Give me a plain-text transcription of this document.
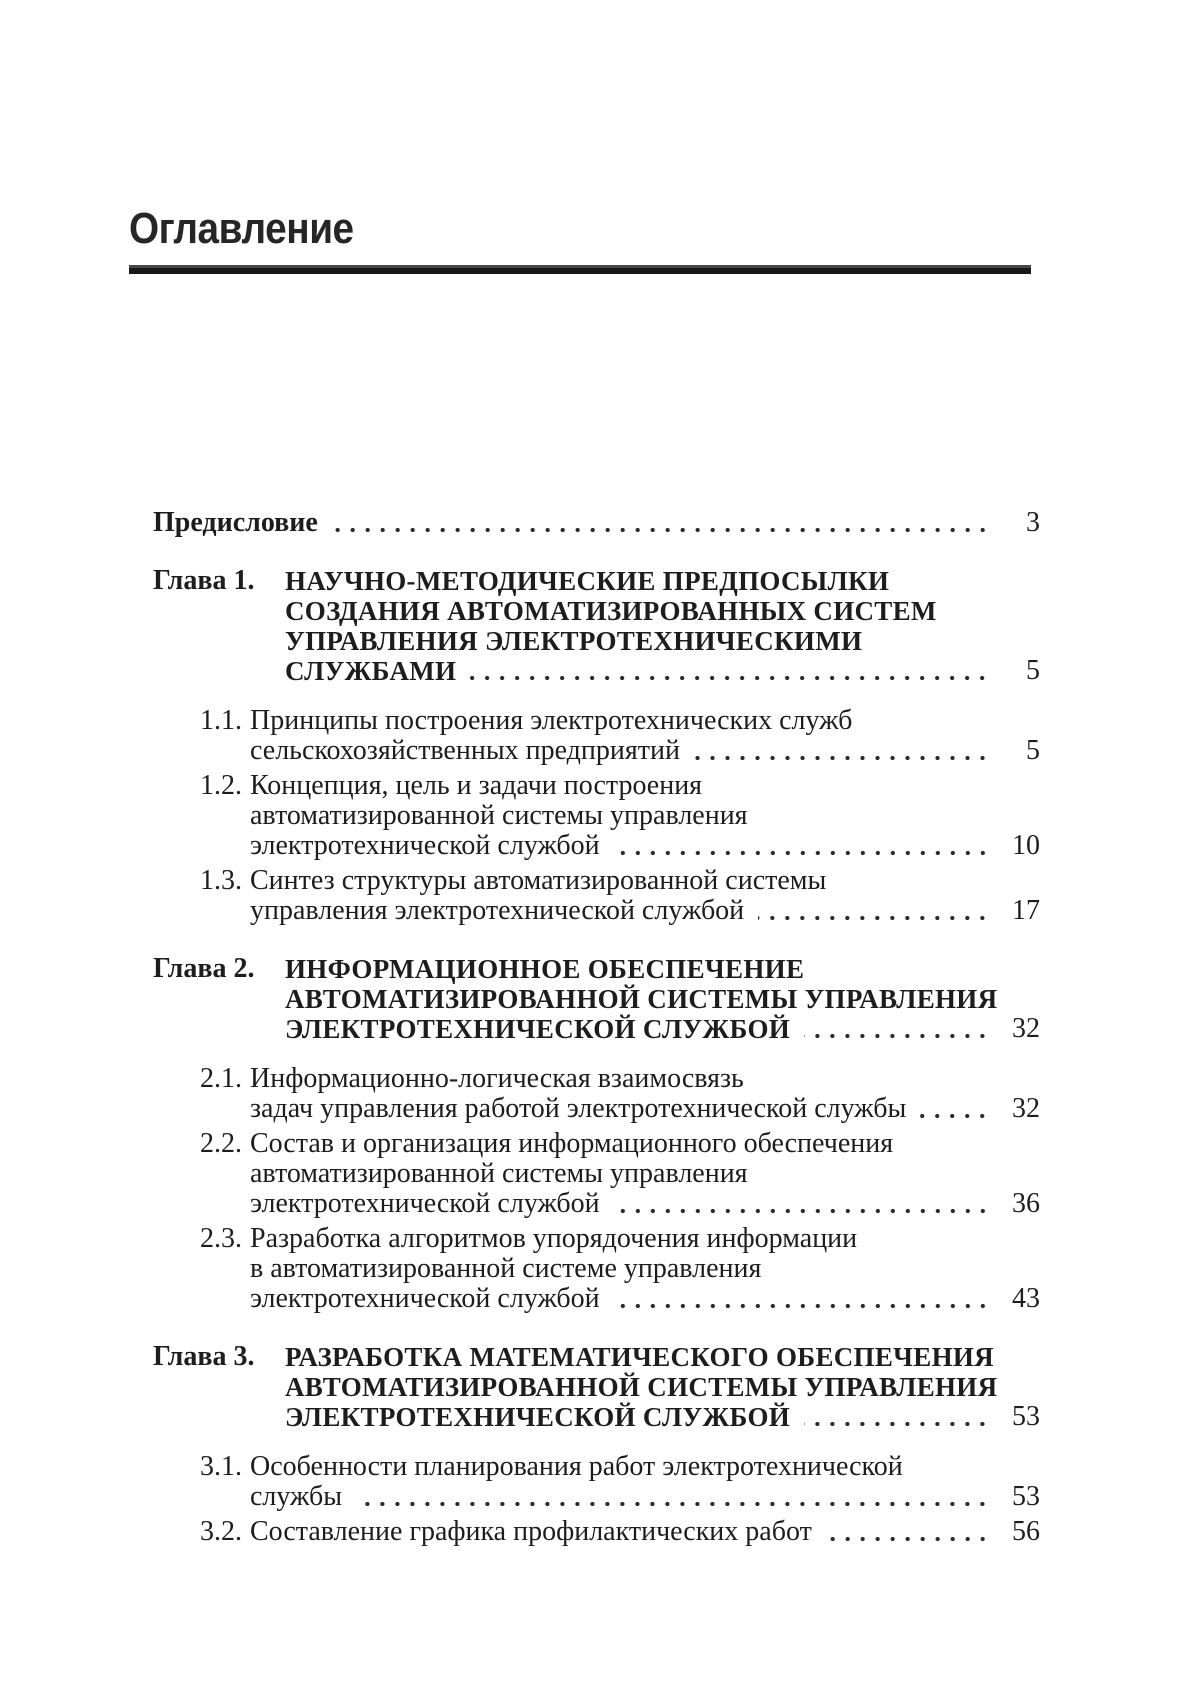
Оглавление
Предисловие	3
Глава 1.	НАУЧНО-МЕТОДИЧЕСКИЕ ПРЕДПОСЫЛКИ
СОЗДАНИЯ АВТОМАТИЗИРОВАННЫХ СИСТЕМ
УПРАВЛЕНИЯ ЭЛЕКТРОТЕХНИЧЕСКИМИ
СЛУЖБАМИ	5
1.1. Принципы построения электротехнических служб
сельскохозяйственных предприятий	5
1.2. Концепция, цель и задачи построения
автоматизированной системы управления
электротехнической службой	10
1.3. Синтез структуры автоматизированной системы
управления электротехнической службой	17
Глава 2.	ИНФОРМАЦИОННОЕ ОБЕСПЕЧЕНИЕ
АВТОМАТИЗИРОВАННОЙ СИСТЕМЫ УПРАВЛЕНИЯ
ЭЛЕКТРОТЕХНИЧЕСКОЙ СЛУЖБОЙ	32
2.1. Информационно-логическая взаимосвязь
задач управления работой электротехнической службы	32
2.2. Состав и организация информационного обеспечения
автоматизированной системы управления
электротехнической службой	36
2.3. Разработка алгоритмов упорядочения информации
в автоматизированной системе управления
электротехнической службой	43
Глава 3.	РАЗРАБОТКА МАТЕМАТИЧЕСКОГО ОБЕСПЕЧЕНИЯ
АВТОМАТИЗИРОВАННОЙ СИСТЕМЫ УПРАВЛЕНИЯ
ЭЛЕКТРОТЕХНИЧЕСКОЙ СЛУЖБОЙ	53
3.1. Особенности планирования работ электротехнической
службы	53
3.2. Составление графика профилактических работ	56
